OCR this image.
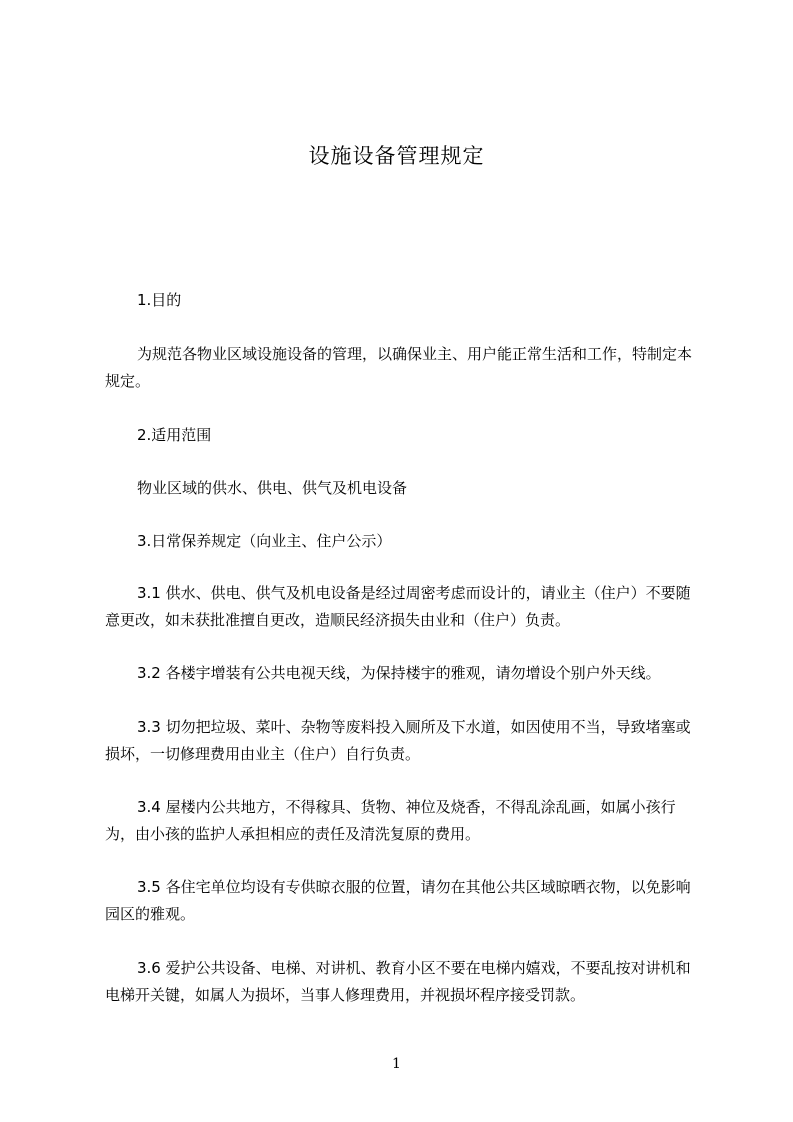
设施设备管理规定

1.目的

为规范各物业区域设施设备的管理，以确保业主、用户能正常生活和工作，特制定本规定。

2.适用范围

物业区域的供水、供电、供气及机电设备

3.日常保养规定（向业主、住户公示）

3.1 供水、供电、供气及机电设备是经过周密考虑而设计的，请业主（住户）不要随意更改，如未获批准擅自更改，造顺民经济损失由业和（住户）负责。

3.2 各楼宇增装有公共电视天线，为保持楼宇的雅观，请勿增设个别户外天线。

3.3 切勿把垃圾、菜叶、杂物等废料投入厕所及下水道，如因使用不当，导致堵塞或损坏，一切修理费用由业主（住户）自行负责。

3.4 屋楼内公共地方，不得稼具、货物、神位及烧香，不得乱涂乱画，如属小孩行为，由小孩的监护人承担相应的责任及清洗复原的费用。

3.5 各住宅单位均设有专供晾衣服的位置，请勿在其他公共区域晾晒衣物，以免影响园区的雅观。

3.6 爱护公共设备、电梯、对讲机、教育小区不要在电梯内嬉戏，不要乱按对讲机和电梯开关键，如属人为损坏，当事人修理费用，并视损坏程序接受罚款。

1
